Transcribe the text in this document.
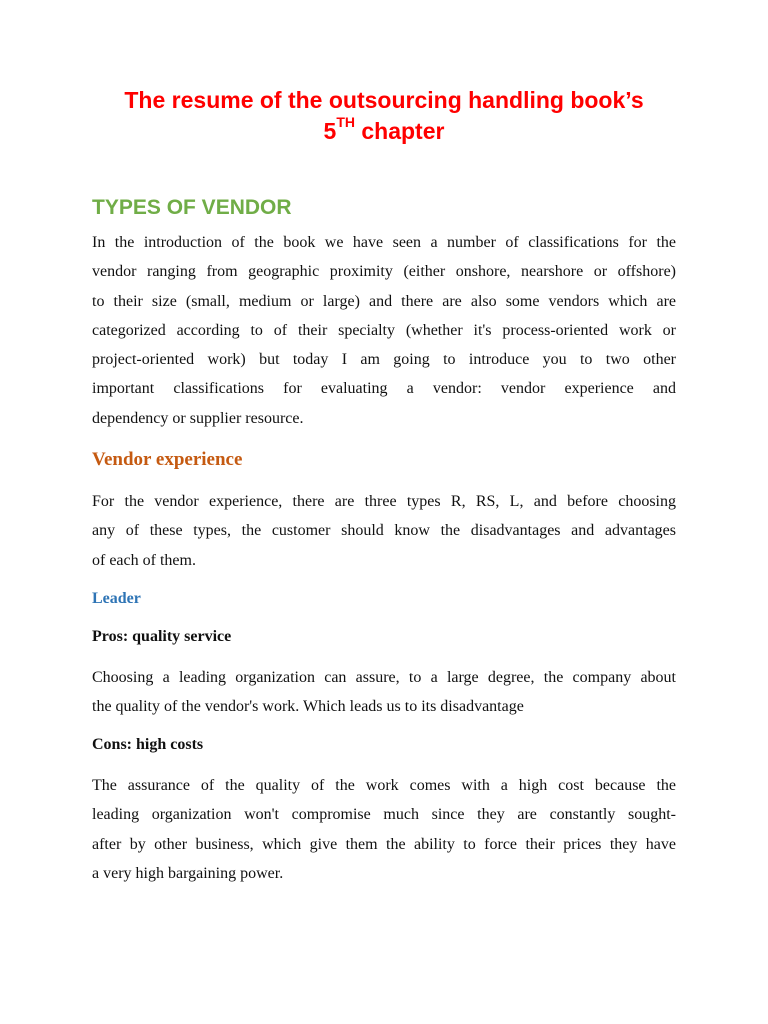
The resume of the outsourcing handling book’s
5TH chapter
TYPES OF VENDOR
In the introduction of the book we have seen a number of classifications for the
vendor ranging from geographic proximity (either onshore, nearshore or offshore)
to their size (small, medium or large) and there are also some vendors which are
categorized according to of their specialty (whether it's process-oriented work or
project-oriented work) but today I am going to introduce you to two other
important classifications for evaluating a vendor: vendor experience and
dependency or supplier resource.
Vendor experience
For the vendor experience, there are three types R, RS, L, and before choosing
any of these types, the customer should know the disadvantages and advantages
of each of them.
Leader
Pros: quality service
Choosing a leading organization can assure, to a large degree, the company about
the quality of the vendor's work. Which leads us to its disadvantage
Cons: high costs
The assurance of the quality of the work comes with a high cost because the
leading organization won't compromise much since they are constantly sought-
after by other business, which give them the ability to force their prices they have
a very high bargaining power.
